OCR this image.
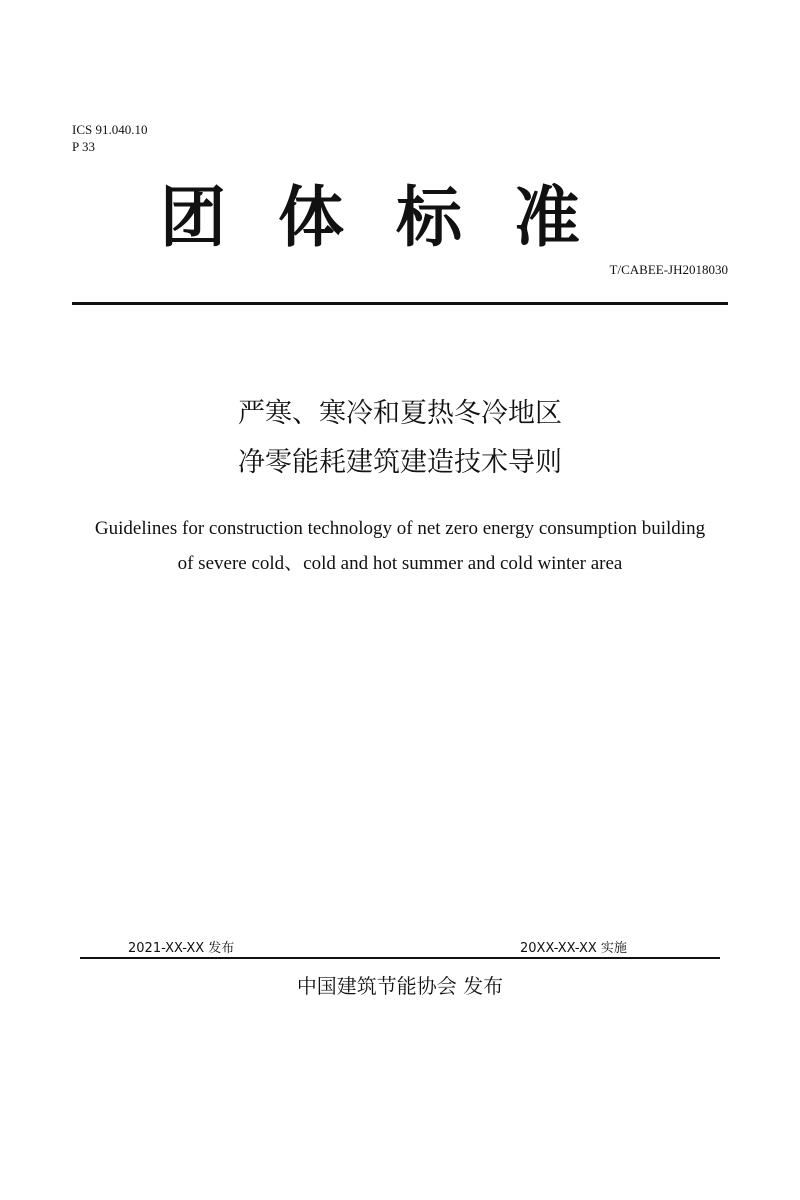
ICS 91.040.10
P 33
团体标准
T/CABEE-JH2018030
严寒、寒冷和夏热冬冷地区
净零能耗建筑建造技术导则
Guidelines for construction technology of net zero energy consumption building
of severe cold、cold and hot summer and cold winter area
2021-XX-XX 发布	20XX-XX-XX 实施
中国建筑节能协会 发布
